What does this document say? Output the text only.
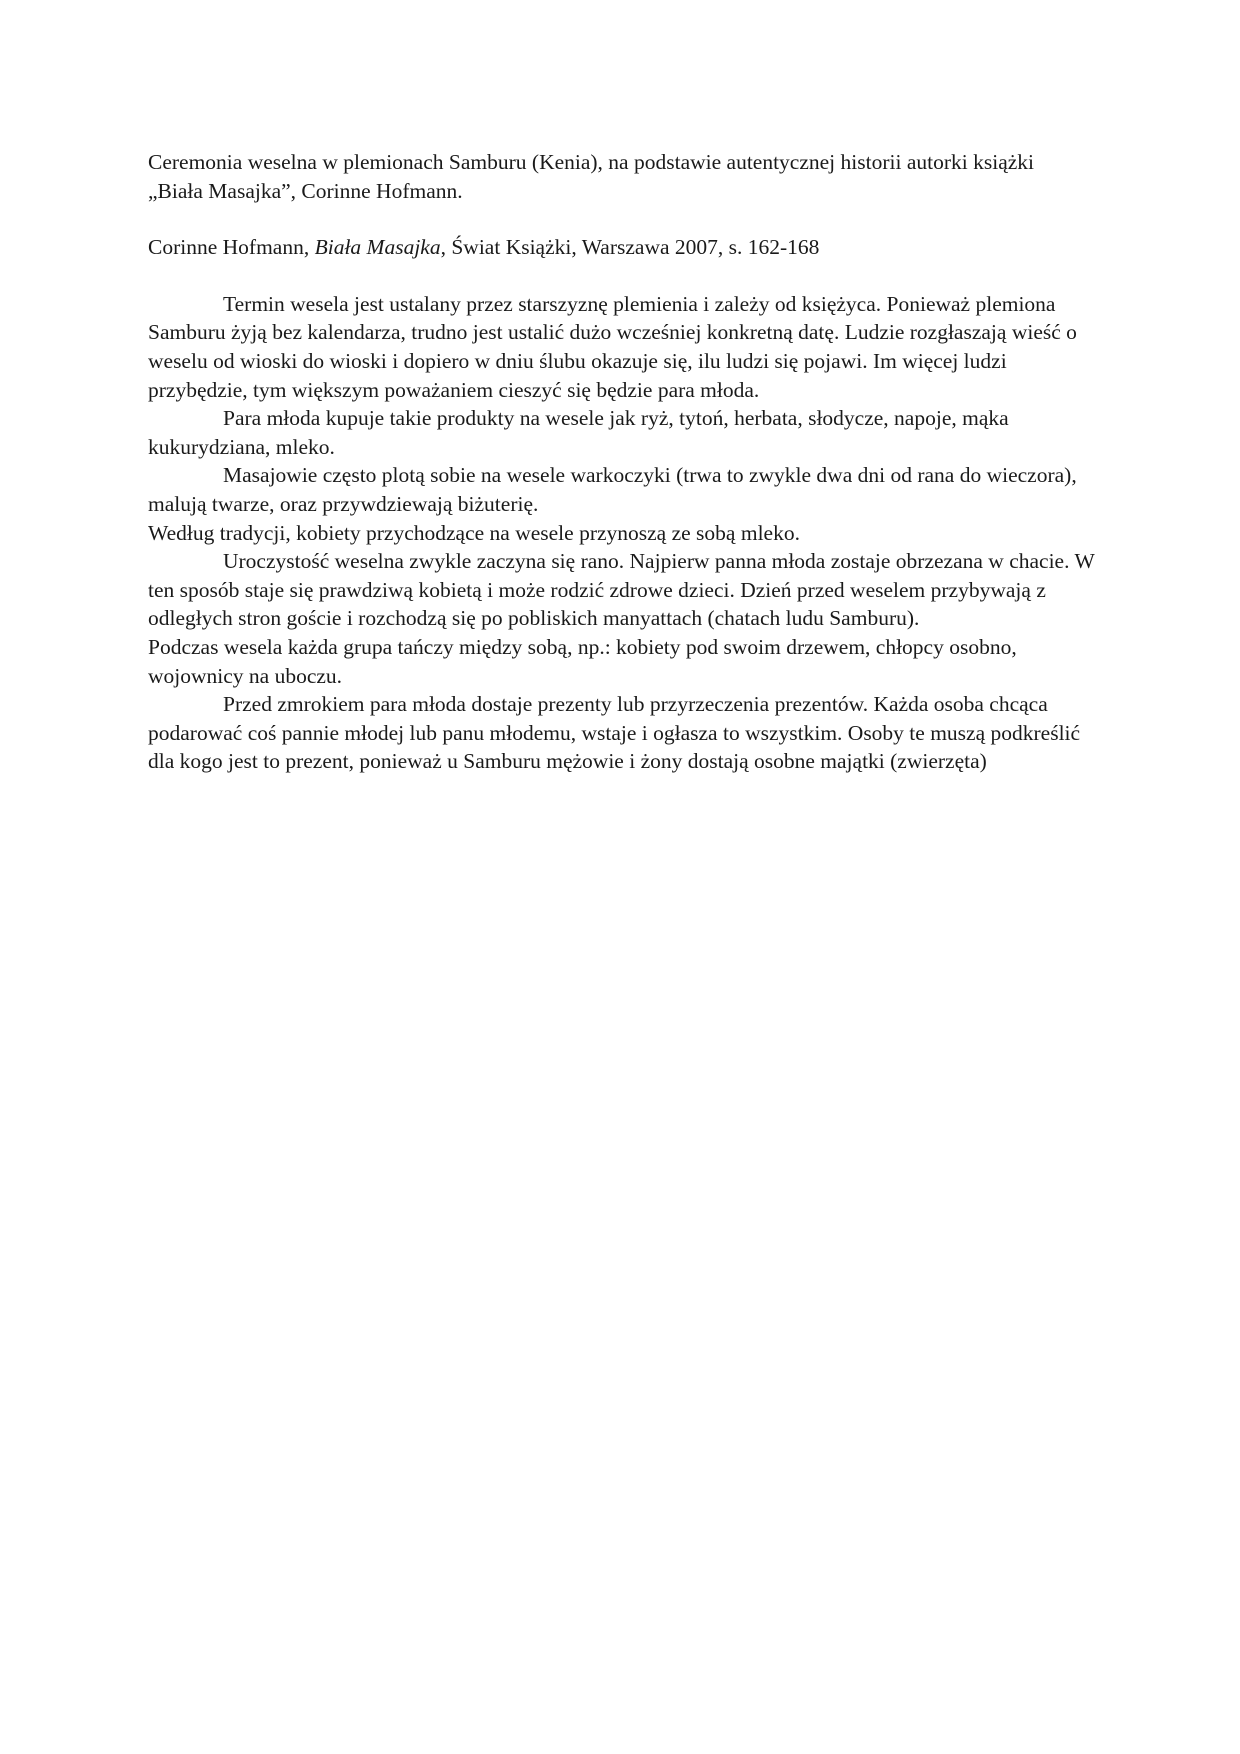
Ceremonia weselna w plemionach Samburu (Kenia), na podstawie autentycznej historii autorki książki „Biała Masajka”, Corinne Hofmann.

Corinne Hofmann, Biała Masajka, Świat Książki, Warszawa 2007, s. 162-168

Termin wesela jest ustalany przez starszyznę plemienia i zależy od księżyca. Ponieważ plemiona Samburu żyją bez kalendarza, trudno jest ustalić dużo wcześniej konkretną datę. Ludzie rozgłaszają wieść o weselu od wioski do wioski i dopiero w dniu ślubu okazuje się, ilu ludzi się pojawi. Im więcej ludzi przybędzie, tym większym poważaniem cieszyć się będzie para młoda.

Para młoda kupuje takie produkty na wesele jak ryż, tytoń, herbata, słodycze, napoje, mąka kukurydziana, mleko.

Masajowie często plotą sobie na wesele warkoczyki (trwa to zwykle dwa dni od rana do wieczora), malują twarze, oraz przywdziewają biżuterię.

Według tradycji, kobiety przychodzące na wesele przynoszą ze sobą mleko.

Uroczystość weselna zwykle zaczyna się rano. Najpierw panna młoda zostaje obrzezana w chacie. W ten sposób staje się prawdziwą kobietą i może rodzić zdrowe dzieci. Dzień przed weselem przybywają z odległych stron goście i rozchodzą się po pobliskich manyattach (chatach ludu Samburu).

Podczas wesela każda grupa tańczy między sobą, np.: kobiety pod swoim drzewem, chłopcy osobno, wojownicy na uboczu.

Przed zmrokiem para młoda dostaje prezenty lub przyrzeczenia prezentów. Każda osoba chcąca podarować coś pannie młodej lub panu młodemu, wstaje i ogłasza to wszystkim. Osoby te muszą podkreślić dla kogo jest to prezent, ponieważ u Samburu mężowie i żony dostają osobne majątki (zwierzęta)
